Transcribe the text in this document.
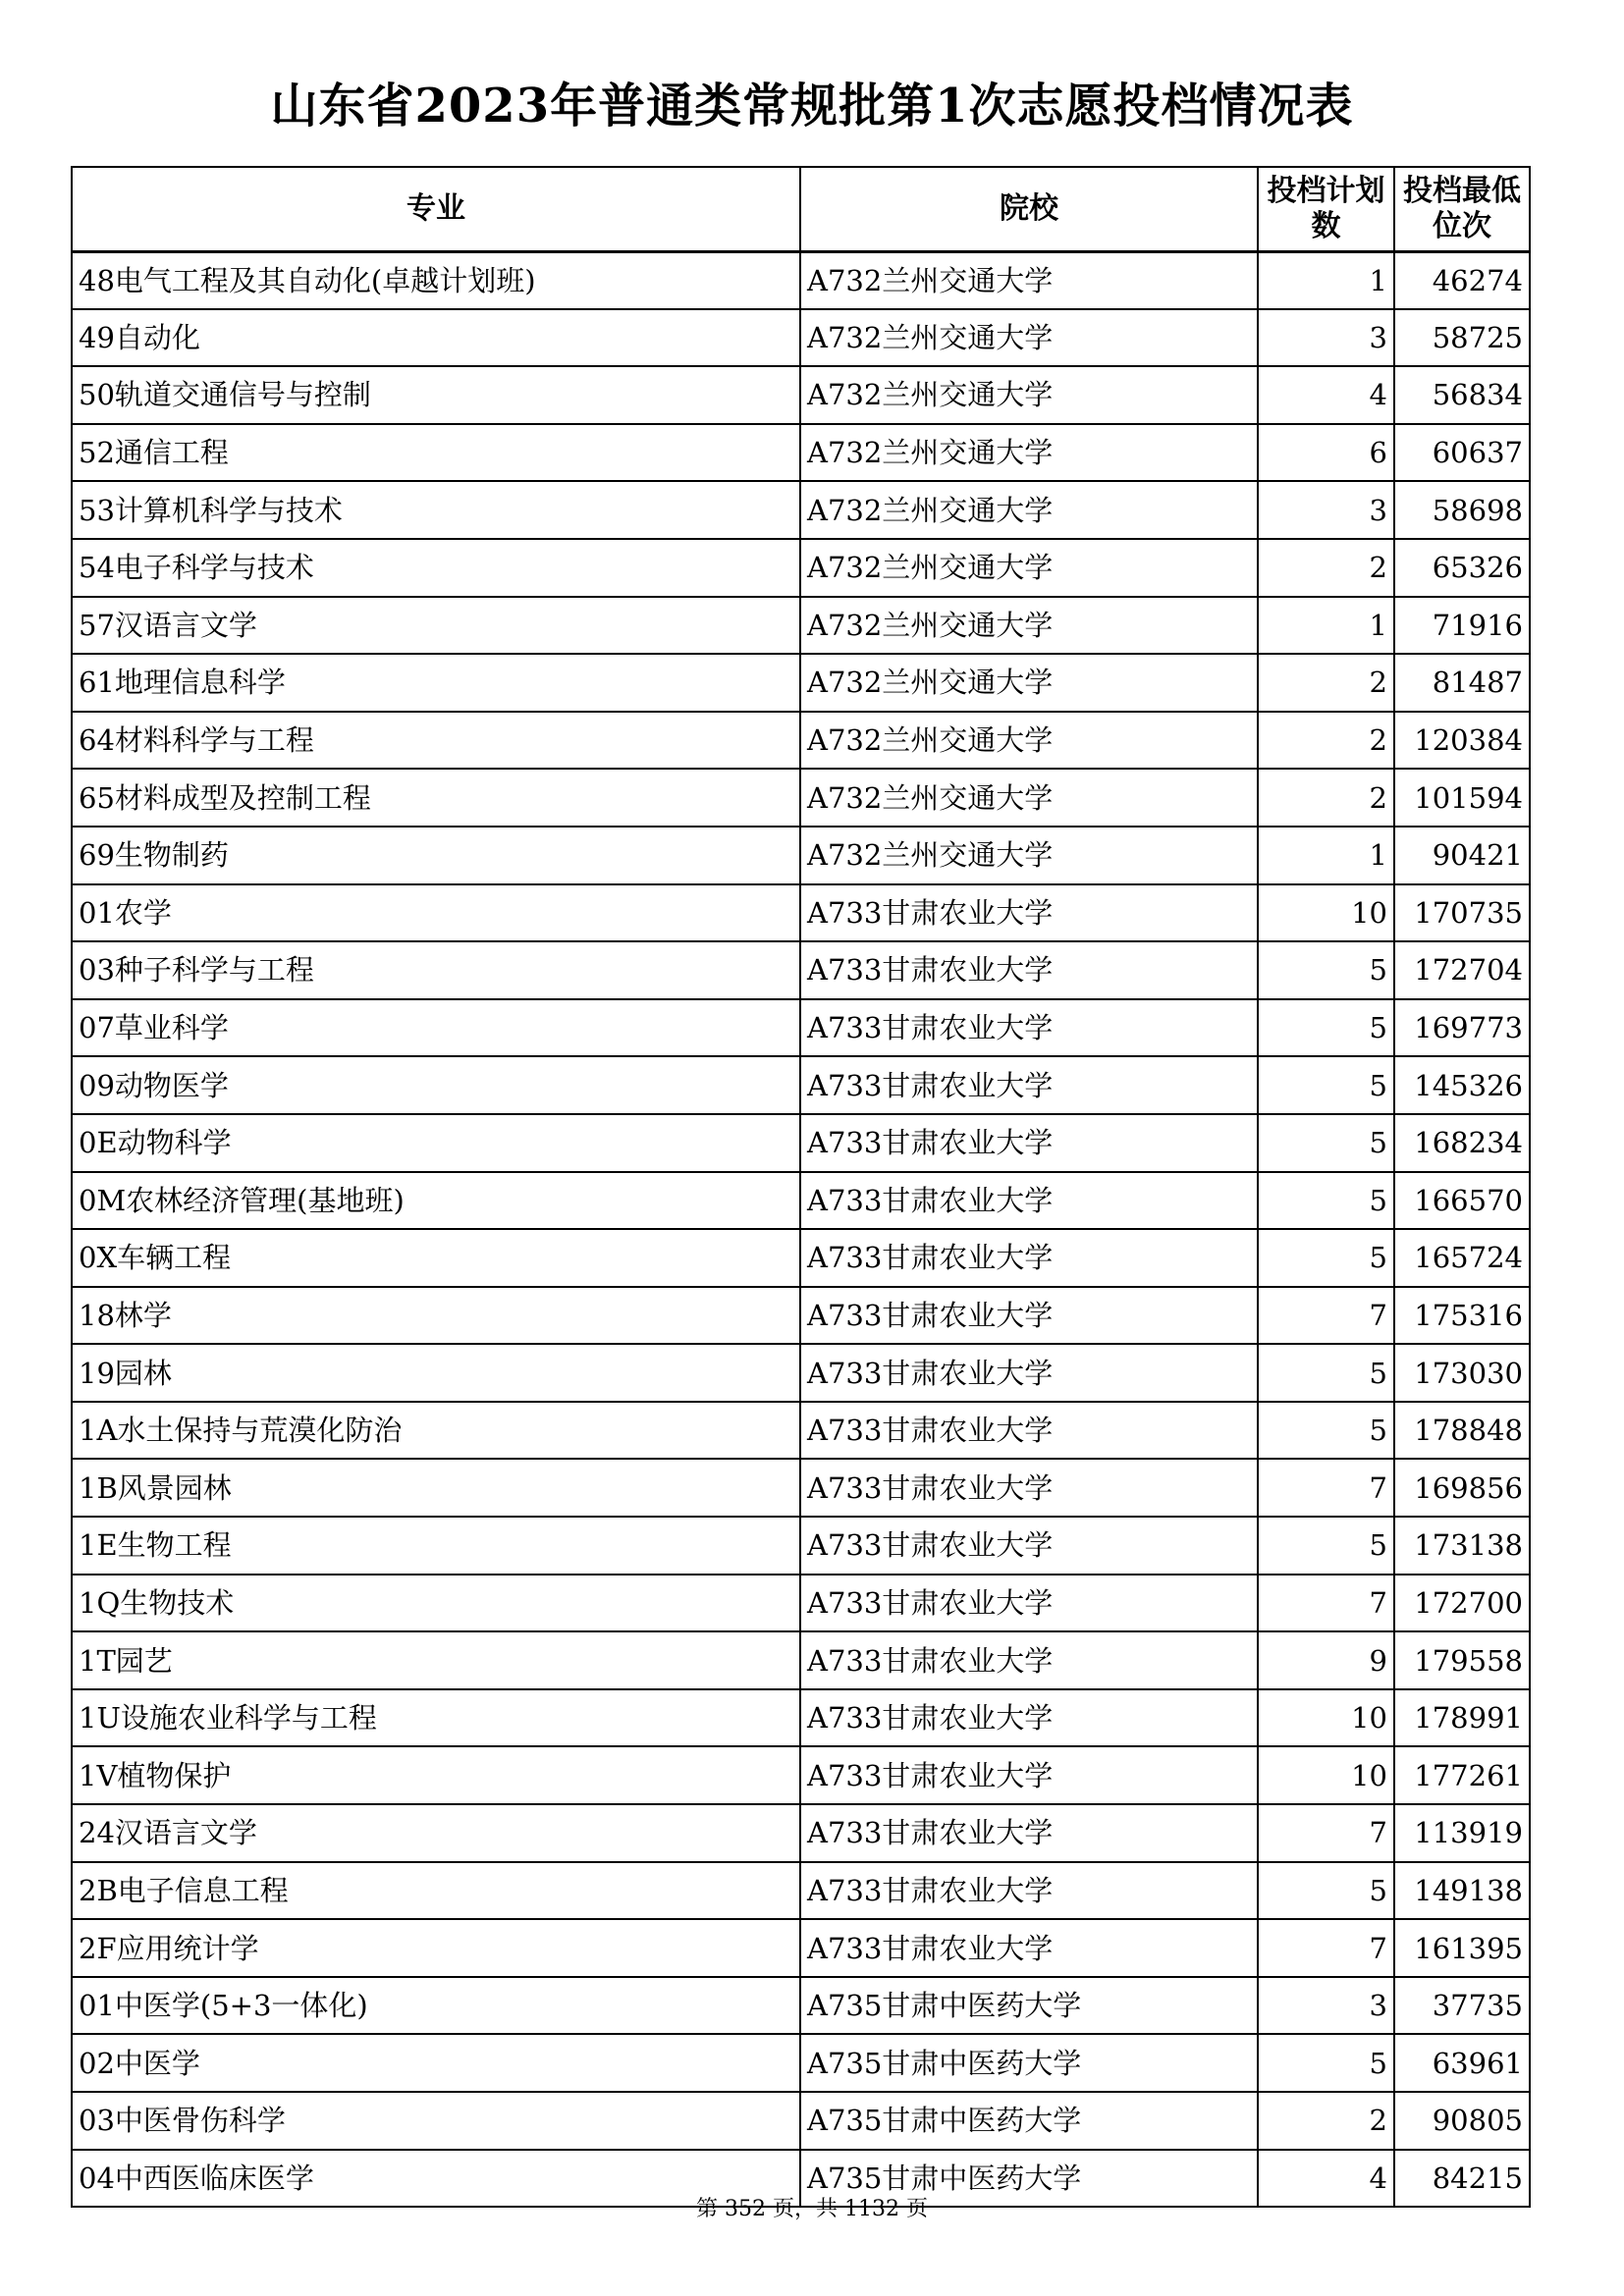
山东省2023年普通类常规批第1次志愿投档情况表
专业	院校	投档计划数	投档最低位次
48电气工程及其自动化(卓越计划班)	A732兰州交通大学	1	46274
49自动化	A732兰州交通大学	3	58725
50轨道交通信号与控制	A732兰州交通大学	4	56834
52通信工程	A732兰州交通大学	6	60637
53计算机科学与技术	A732兰州交通大学	3	58698
54电子科学与技术	A732兰州交通大学	2	65326
57汉语言文学	A732兰州交通大学	1	71916
61地理信息科学	A732兰州交通大学	2	81487
64材料科学与工程	A732兰州交通大学	2	120384
65材料成型及控制工程	A732兰州交通大学	2	101594
69生物制药	A732兰州交通大学	1	90421
01农学	A733甘肃农业大学	10	170735
03种子科学与工程	A733甘肃农业大学	5	172704
07草业科学	A733甘肃农业大学	5	169773
09动物医学	A733甘肃农业大学	5	145326
0E动物科学	A733甘肃农业大学	5	168234
0M农林经济管理(基地班)	A733甘肃农业大学	5	166570
0X车辆工程	A733甘肃农业大学	5	165724
18林学	A733甘肃农业大学	7	175316
19园林	A733甘肃农业大学	5	173030
1A水土保持与荒漠化防治	A733甘肃农业大学	5	178848
1B风景园林	A733甘肃农业大学	7	169856
1E生物工程	A733甘肃农业大学	5	173138
1Q生物技术	A733甘肃农业大学	7	172700
1T园艺	A733甘肃农业大学	9	179558
1U设施农业科学与工程	A733甘肃农业大学	10	178991
1V植物保护	A733甘肃农业大学	10	177261
24汉语言文学	A733甘肃农业大学	7	113919
2B电子信息工程	A733甘肃农业大学	5	149138
2F应用统计学	A733甘肃农业大学	7	161395
01中医学(5+3一体化)	A735甘肃中医药大学	3	37735
02中医学	A735甘肃中医药大学	5	63961
03中医骨伤科学	A735甘肃中医药大学	2	90805
04中西医临床医学	A735甘肃中医药大学	4	84215
第 352 页，共 1132 页
